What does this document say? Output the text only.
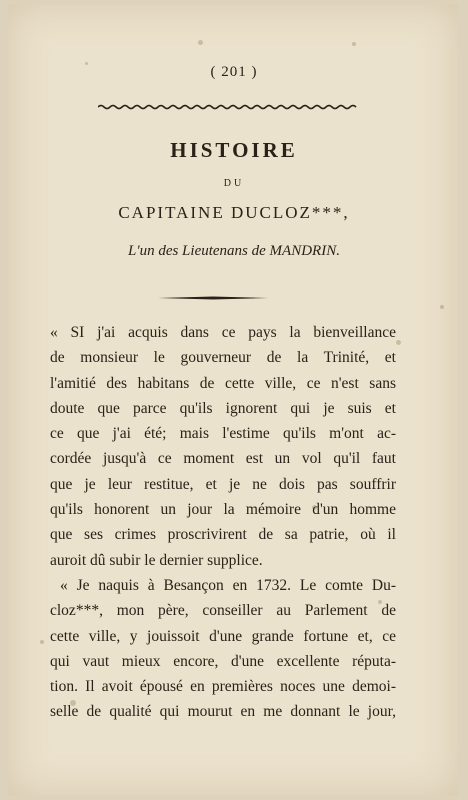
( 201 )
HISTOIRE
DU
CAPITAINE DUCLOZ***,
L'un des Lieutenans de MANDRIN.
« SI j'ai acquis dans ce pays la bienveillance
de monsieur le gouverneur de la Trinité, et
l'amitié des habitans de cette ville, ce n'est sans
doute que parce qu'ils ignorent qui je suis et
ce que j'ai été; mais l'estime qu'ils m'ont ac-
cordée jusqu'à ce moment est un vol qu'il faut
que je leur restitue, et je ne dois pas souffrir
qu'ils honorent un jour la mémoire d'un homme
que ses crimes proscrivirent de sa patrie, où il
auroit dû subir le dernier supplice.
« Je naquis à Besançon en 1732. Le comte Du-
cloz***, mon père, conseiller au Parlement de
cette ville, y jouissoit d'une grande fortune et, ce
qui vaut mieux encore, d'une excellente réputa-
tion. Il avoit épousé en premières noces une demoi-
selle de qualité qui mourut en me donnant le jour,
